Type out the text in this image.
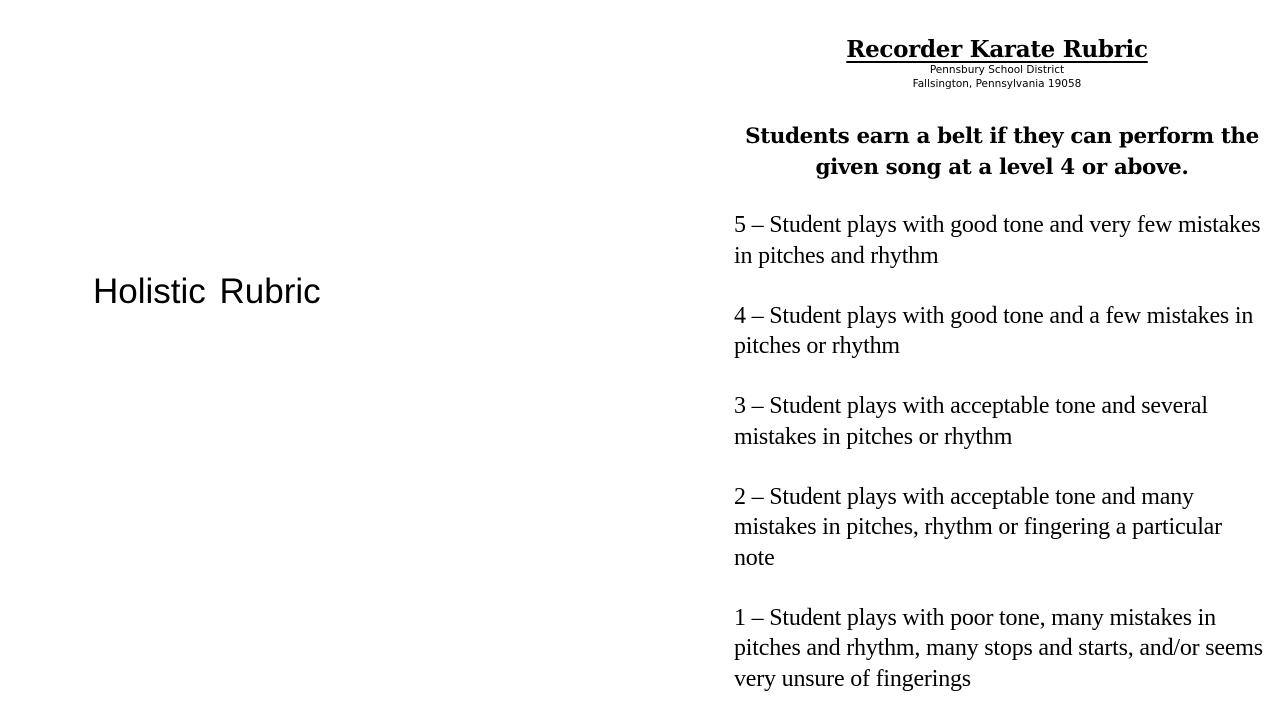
Holistic Rubric
Recorder Karate Rubric
Pennsbury School District
Fallsington, Pennsylvania 19058
Students earn a belt if they can perform the given song at a level 4 or above.
5 – Student plays with good tone and very few mistakes in pitches and rhythm
4 – Student plays with good tone and a few mistakes in pitches or rhythm
3 – Student plays with acceptable tone and several mistakes in pitches or rhythm
2 – Student plays with acceptable tone and many mistakes in pitches, rhythm or fingering a particular note
1 – Student plays with poor tone, many mistakes in pitches and rhythm, many stops and starts, and/or seems very unsure of fingerings
